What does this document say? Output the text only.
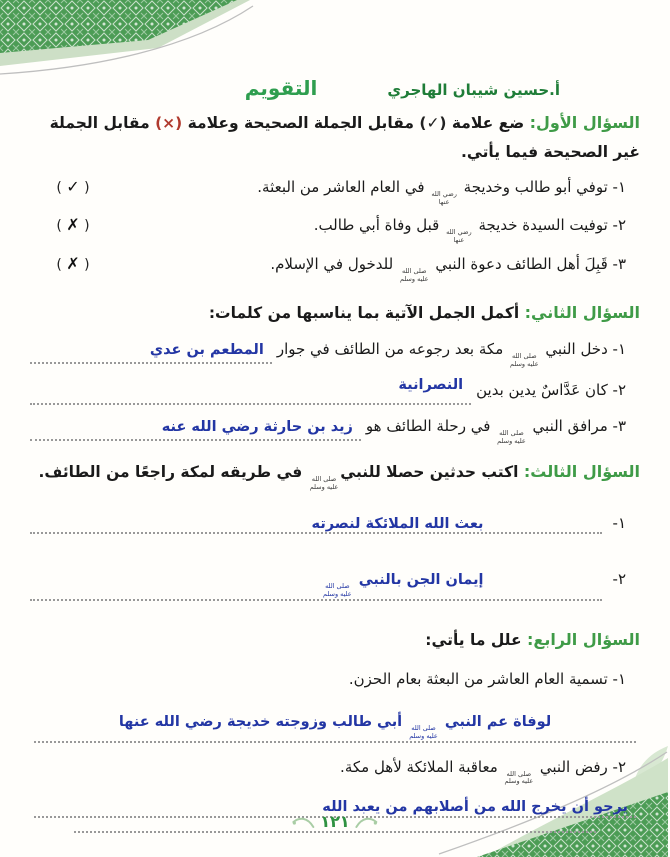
أ.حسين شيبان الهاجري
التقويم

السؤال الأول: ضع علامة (✓) مقابل الجملة الصحيحة وعلامة (×) مقابل الجملة غير الصحيحة فيما يأتي.

١- توفي أبو طالب وخديجة
رضي الله
عنها
في العام العاشر من البعثة.
( ✓ )
٢- توفيت السيدة خديجة
رضي الله
عنها
قبل وفاة أبي طالب.
( ✗ )
٣- قَبِلَ أهل الطائف دعوة النبي
صلى الله
عليه وسلم
للدخول في الإسلام.
( ✗ )

السؤال الثاني: أكمل الجمل الآتية بما يناسبها من كلمات:

١- دخل النبي
صلى الله
عليه وسلم
مكة بعد رجوعه من الطائف في جوار
المطعم بن عدي
٢- كان عَدَّاسٌ يدين بدين
النصرانية
٣- مرافق النبي
صلى الله
عليه وسلم
في رحلة الطائف هو
زيد بن حارثة رضي الله عنه

السؤال الثالث: اكتب حدثين حصلا للنبي
صلى الله
عليه وسلم
في طريقه لمكة راجعًا من الطائف.

١-
بعث الله الملائكة لنصرته
٢-
إيمان الجن بالنبي
صلى الله
عليه وسلم

السؤال الرابع: علل ما يأتي:

١- تسمية العام العاشر من البعثة بعام الحزن.
لوفاة عم النبي
صلى الله
عليه وسلم
أبي طالب وزوجته خديجة رضي الله عنها
٢- رفض النبي
صلى الله
عليه وسلم
معاقبة الملائكة لأهل مكة.
يرجو أن يخرج الله من أصلابهم من يعبد الله
١٢١
